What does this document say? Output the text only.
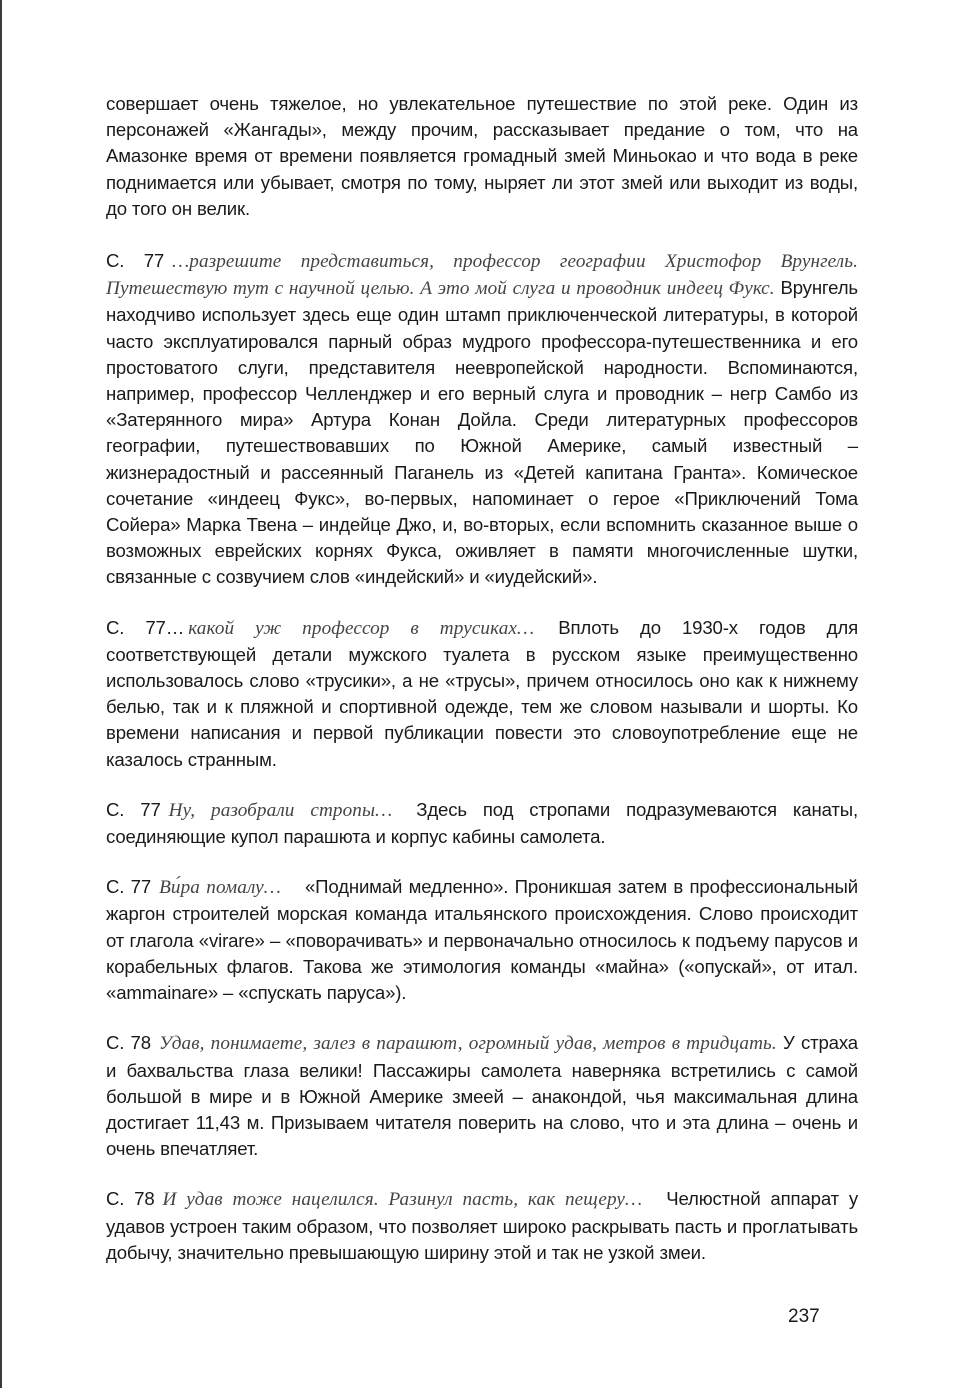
совершает очень тяжелое, но увлекательное путешествие по этой реке. Один из персонажей «Жангады», между прочим, рассказывает предание о том, что на Амазонке время от времени появляется громадный змей Миньокао и что вода в реке поднимается или убывает, смотря по тому, ныряет ли этот змей или выходит из воды, до того он велик.

С. 77 …разрешите представиться, профессор географии Христофор Врунгель. Путешествую тут с научной целью. А это мой слуга и проводник индеец Фукс. Врунгель находчиво использует здесь еще один штамп приключенческой литературы, в которой часто эксплуатировался парный образ мудрого профессора-путешественника и его простоватого слуги, представителя неевропейской народности. Вспоминаются, например, профессор Челленджер и его верный слуга и проводник – негр Самбо из «Затерянного мира» Артура Конан Дойла. Среди литературных профессоров географии, путешествовавших по Южной Америке, самый известный – жизнерадостный и рассеянный Паганель из «Детей капитана Гранта». Комическое сочетание «индеец Фукс», во-первых, напоминает о герое «Приключений Тома Сойера» Марка Твена – индейце Джо, и, во-вторых, если вспомнить сказанное выше о возможных еврейских корнях Фукса, оживляет в памяти многочисленные шутки, связанные с созвучием слов «индейский» и «иудейский».

С. 77… какой уж профессор в трусиках… Вплоть до 1930-х годов для соответствующей детали мужского туалета в русском языке преимущественно использовалось слово «трусики», а не «трусы», причем относилось оно как к нижнему белью, так и к пляжной и спортивной одежде, тем же словом называли и шорты. Ко времени написания и первой публикации повести это словоупотребление еще не казалось странным.

С. 77 Ну, разобрали стропы… Здесь под стропами подразумеваются канаты, соединяющие купол парашюта и корпус кабины самолета.

С. 77 Ви́ра помалу… «Поднимай медленно». Проникшая затем в профессиональный жаргон строителей морская команда итальянского происхождения. Слово происходит от глагола «virare» – «поворачивать» и первоначально относилось к подъему парусов и корабельных флагов. Такова же этимология команды «майна» («опускай», от итал. «ammainare» – «спускать паруса»).

С. 78 Удав, понимаете, залез в парашют, огромный удав, метров в тридцать. У страха и бахвальства глаза велики! Пассажиры самолета наверняка встретились с самой большой в мире и в Южной Америке змеей – анакондой, чья максимальная длина достигает 11,43 м. Призываем читателя поверить на слово, что и эта длина – очень и очень впечатляет.

С. 78 И удав тоже нацелился. Разинул пасть, как пещеру… Челюстной аппарат у удавов устроен таким образом, что позволяет широко раскрывать пасть и проглатывать добычу, значительно превышающую ширину этой и так не узкой змеи.

237
